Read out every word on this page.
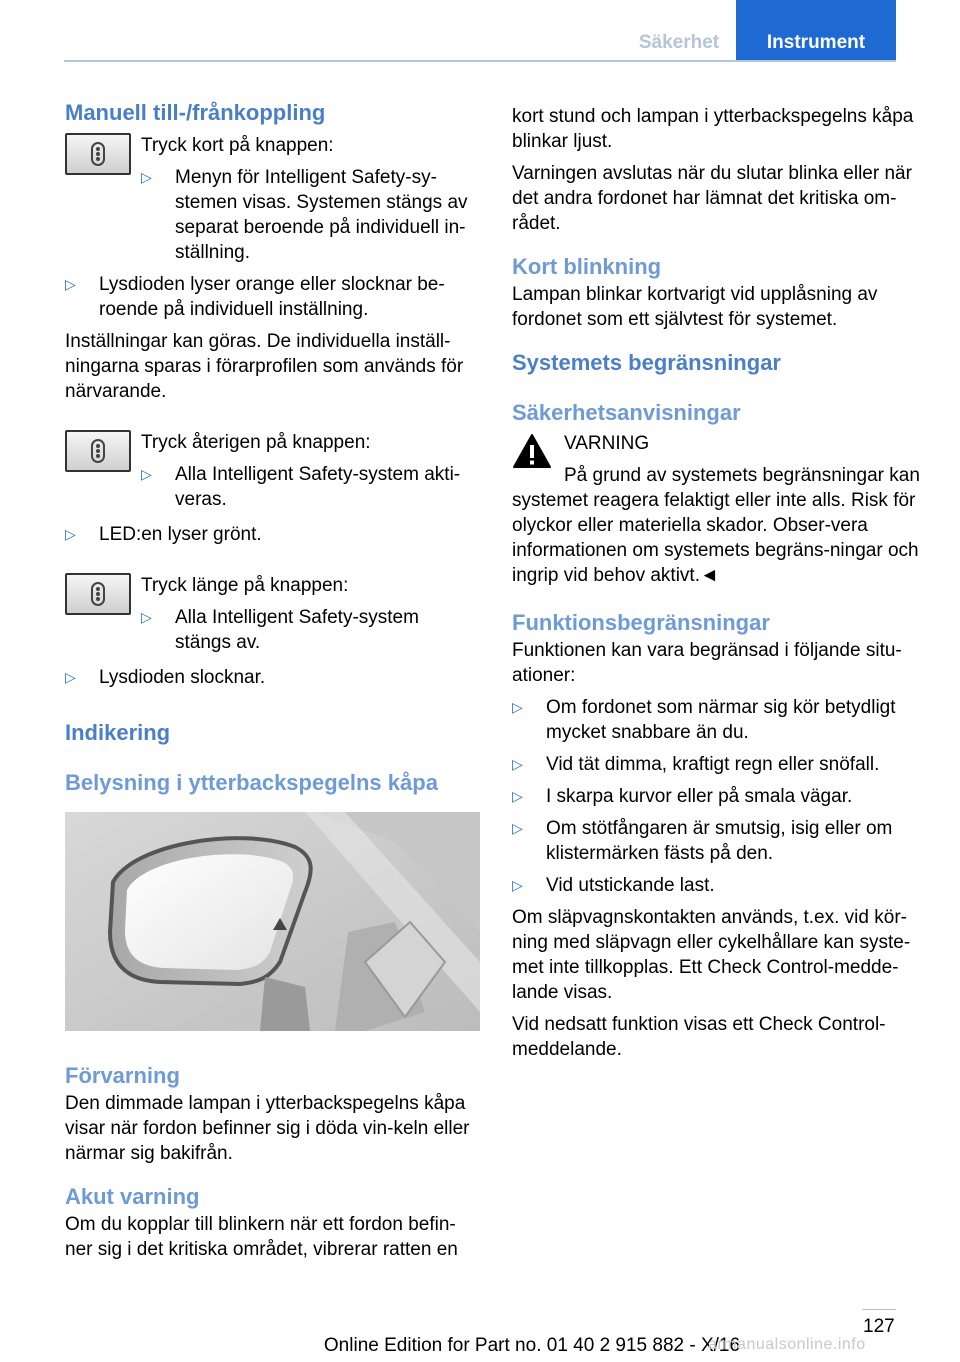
Säkerhet	Instrument
Manuell till-/frånkoppling

Tryck kort på knappen:

▷ Menyn för Intelligent Safety-sy-stemen visas. Systemen stängs av separat beroende på individuell in-ställning.
▷ Lysdioden lyser orange eller slocknar be-roende på individuell inställning.

Inställningar kan göras. De individuella inställ-ningarna sparas i förarprofilen som används för närvarande.

Tryck återigen på knappen:

▷ Alla Intelligent Safety-system akti-veras.
▷ LED:en lyser grönt.

Tryck länge på knappen:

▷ Alla Intelligent Safety-system stängs av.
▷ Lysdioden slocknar.
Indikering
Belysning i ytterbackspegelns kåpa
Förvarning

Den dimmade lampan i ytterbackspegelns kåpa visar när fordon befinner sig i döda vin-keln eller närmar sig bakifrån.

Akut varning

Om du kopplar till blinkern när ett fordon befin-ner sig i det kritiska området, vibrerar ratten en

kort stund och lampan i ytterbackspegelns kåpa blinkar ljust.

Varningen avslutas när du slutar blinka eller när det andra fordonet har lämnat det kritiska om-rådet.

Kort blinkning

Lampan blinkar kortvarigt vid upplåsning av fordonet som ett självtest för systemet.

Systemets begränsningar
Säkerhetsanvisningar

VARNING

På grund av systemets begränsningar kan systemet reagera felaktigt eller inte alls. Risk för olyckor eller materiella skador. Obser-vera informationen om systemets begräns-ningar och ingrip vid behov aktivt.◄

Funktionsbegränsningar

Funktionen kan vara begränsad i följande situ-ationer:

▷ Om fordonet som närmar sig kör betydligt mycket snabbare än du.
▷ Vid tät dimma, kraftigt regn eller snöfall.
▷ I skarpa kurvor eller på smala vägar.
▷ Om stötfångaren är smutsig, isig eller om klistermärken fästs på den.
▷ Vid utstickande last.

Om släpvagnskontakten används, t.ex. vid kör-ning med släpvagn eller cykelhållare kan syste-met inte tillkopplas. Ett Check Control-medde-lande visas.

Vid nedsatt funktion visas ett Check Control-meddelande.

127
Online Edition for Part no. 01 40 2 915 882 - X/16
armanualsonline.info
